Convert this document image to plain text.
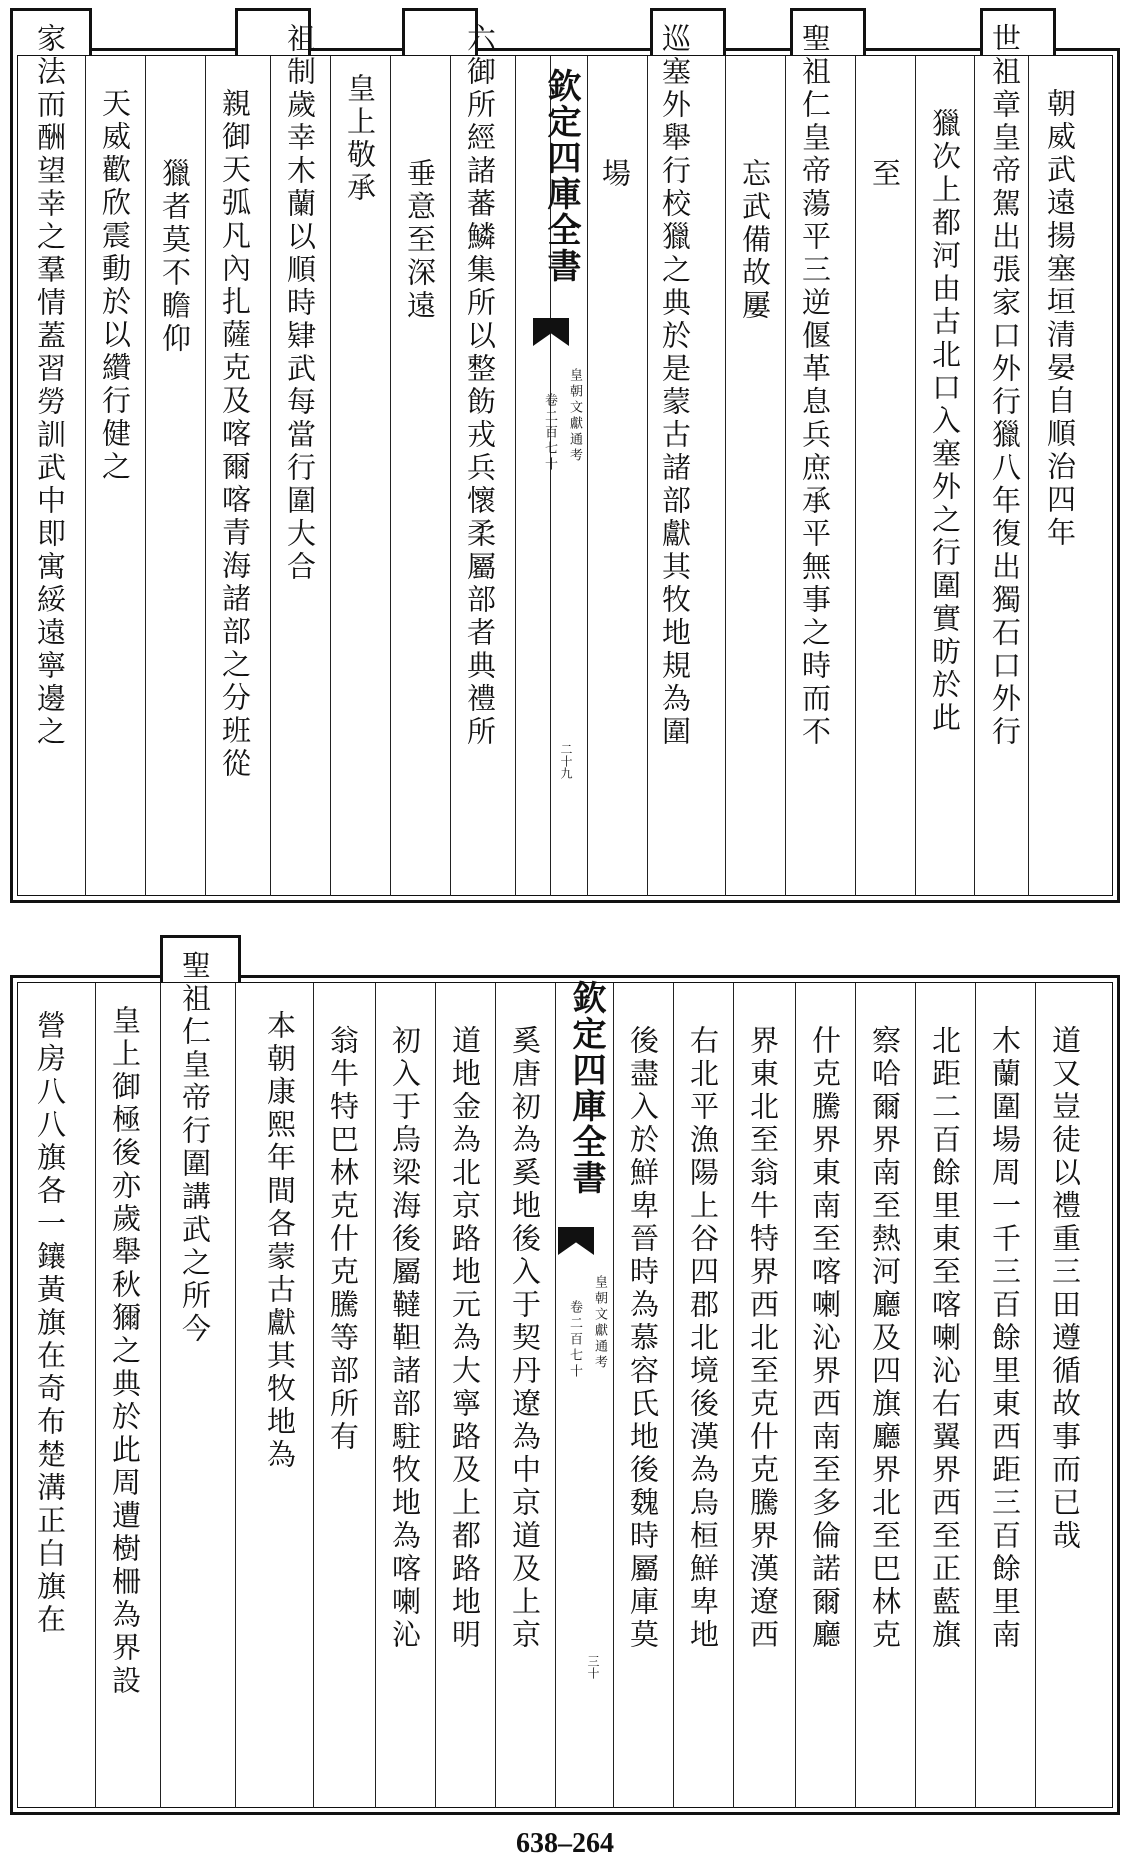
朝威武遠揚塞垣清晏自順治四年
世祖章皇帝駕出張家口外行獵八年復出獨石口外行
獵次上都河由古北口入塞外之行圍實昉於此
至
聖祖仁皇帝蕩平三逆偃革息兵庶承平無事之時而不
忘武備故屢
巡塞外舉行校獵之典於是蒙古諸部獻其牧地規為圍
場
六御所經諸蕃鱗集所以整飭戎兵懷柔屬部者典禮所
垂意至深遠
皇上敬承
祖制歲幸木蘭以順時肄武每當行圍大合
親御天弧凡內扎薩克及喀爾喀青海諸部之分班從
獵者莫不瞻仰
天威歡欣震動於以纘行健之
家法而酬望幸之羣情蓋習勞訓武中即寓綏遠寧邊之	欽定四庫全書
皇朝文獻通考
卷二百七十
二十九
道又豈徒以禮重三田遵循故事而已哉
木蘭圍場周一千三百餘里東西距三百餘里南
北距二百餘里東至喀喇沁右翼界西至正藍旗
察哈爾界南至熱河廳及四旗廳界北至巴林克
什克騰界東南至喀喇沁界西南至多倫諾爾廳
界東北至翁牛特界西北至克什克騰界漢遼西
右北平漁陽上谷四郡北境後漢為烏桓鮮卑地
後盡入於鮮卑晉時為慕容氏地後魏時屬庫莫
奚唐初為奚地後入于契丹遼為中京道及上京
道地金為北京路地元為大寧路及上都路地明
初入于烏梁海後屬韃靼諸部駐牧地為喀喇沁
翁牛特巴林克什克騰等部所有
本朝康熙年間各蒙古獻其牧地為
聖祖仁皇帝行圍講武之所今
皇上御極後亦歲舉秋獮之典於此周遭樹柵為界設
營房八八旗各一鑲黃旗在奇布楚溝正白旗在	欽定四庫全書
皇朝文獻通考
卷二百七十
三十
638–264
